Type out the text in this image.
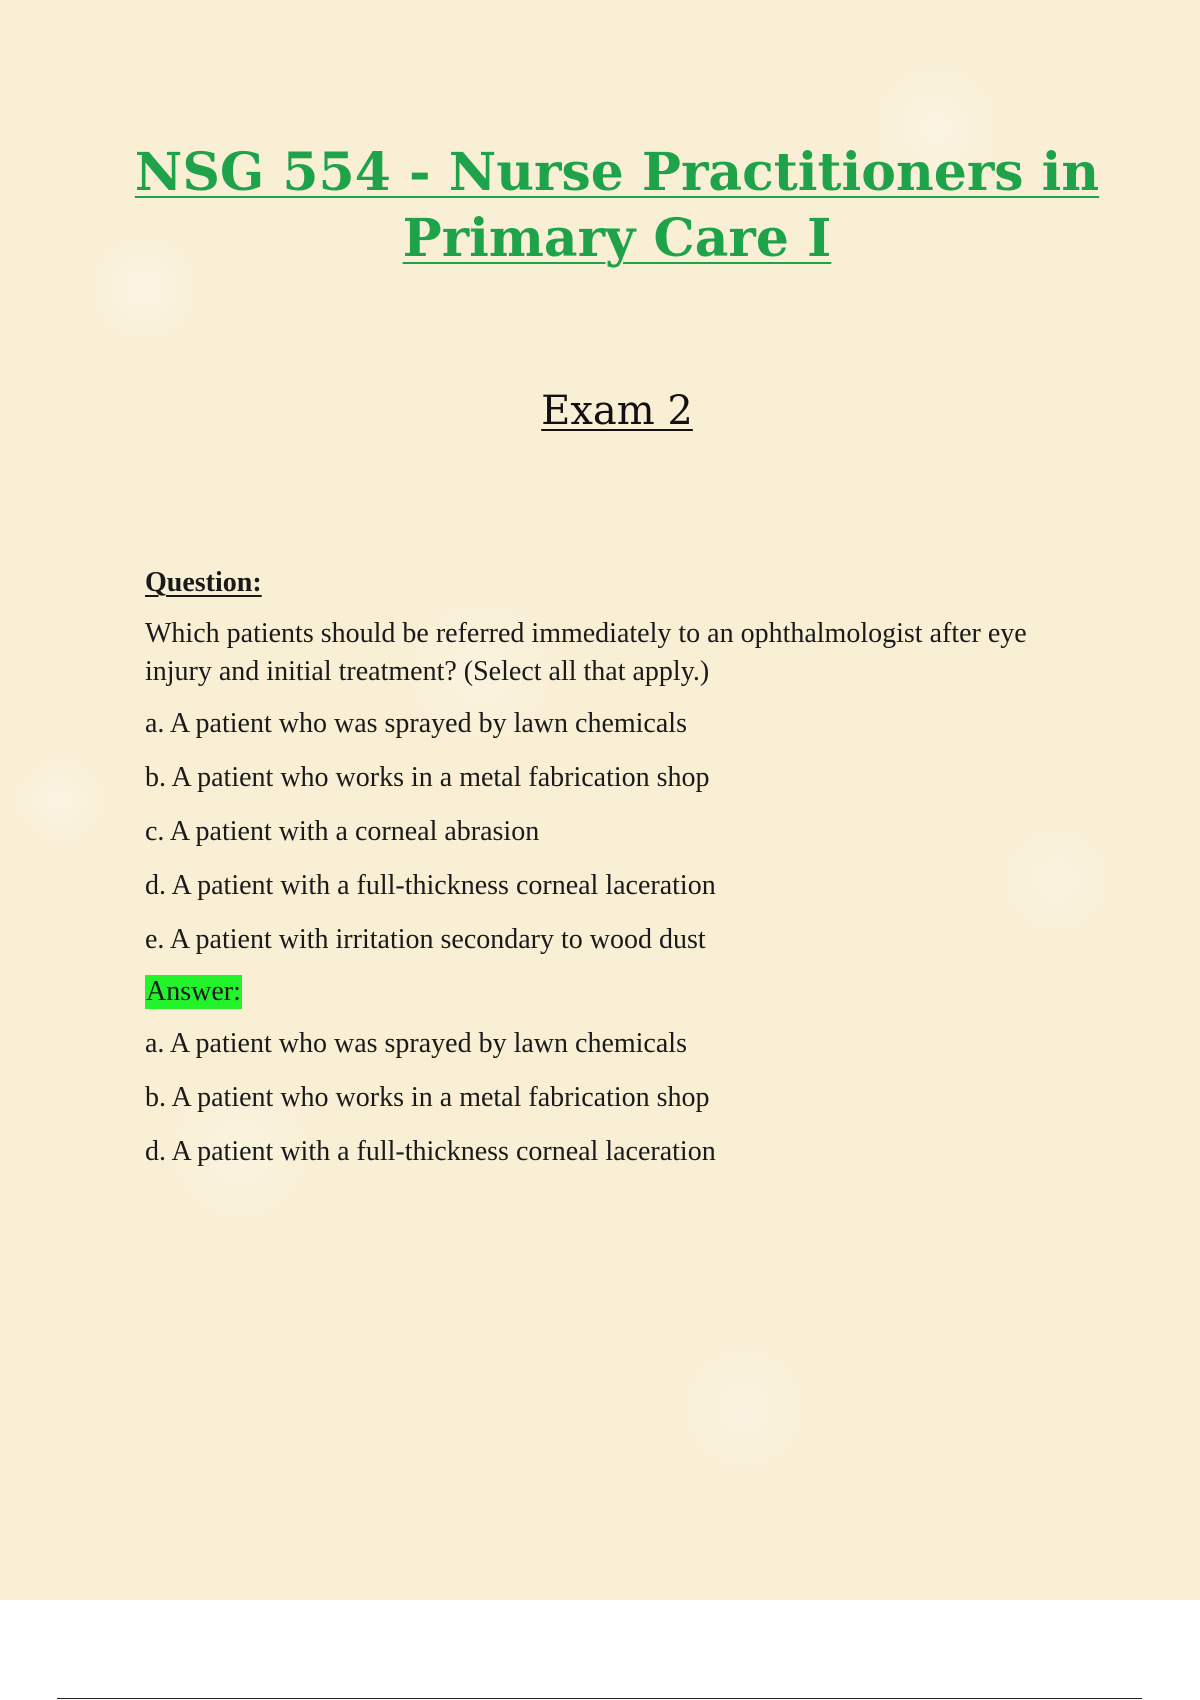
NSG 554 - Nurse Practitioners in Primary Care I
Exam 2
Question:
Which patients should be referred immediately to an ophthalmologist after eye injury and initial treatment? (Select all that apply.)
a. A patient who was sprayed by lawn chemicals
b. A patient who works in a metal fabrication shop
c. A patient with a corneal abrasion
d. A patient with a full-thickness corneal laceration
e. A patient with irritation secondary to wood dust
Answer:
a. A patient who was sprayed by lawn chemicals
b. A patient who works in a metal fabrication shop
d. A patient with a full-thickness corneal laceration
